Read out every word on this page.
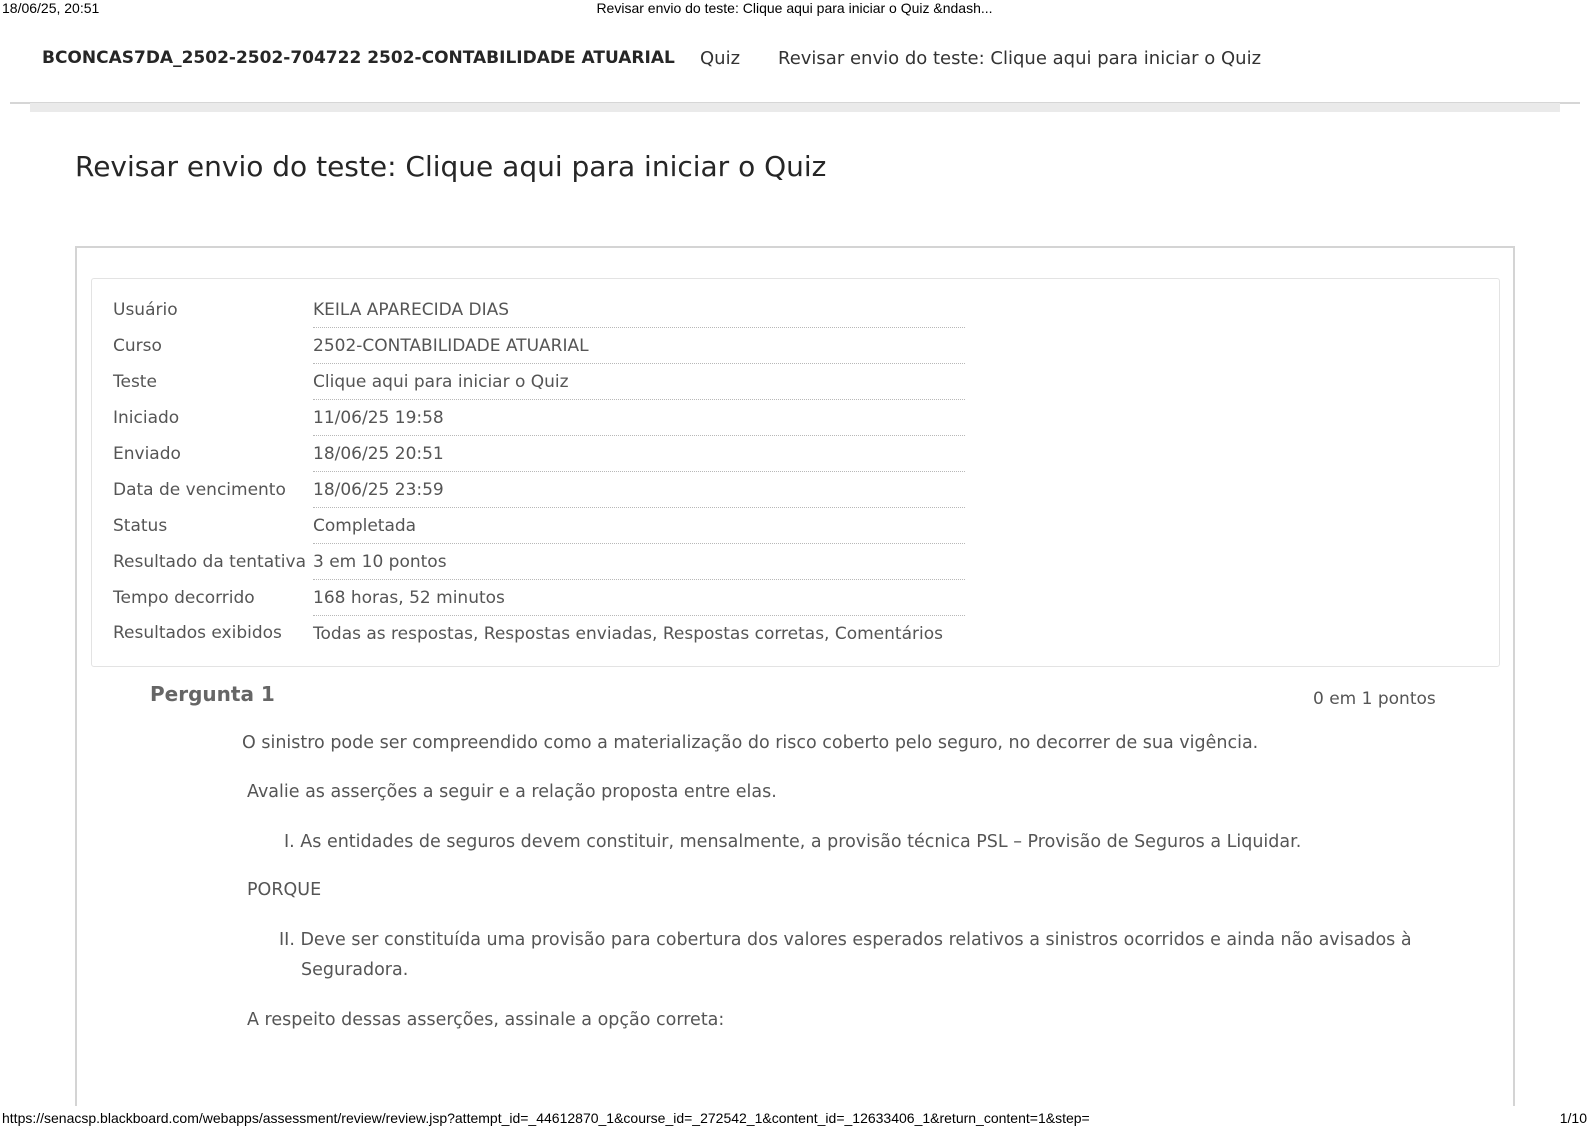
18/06/25, 20:51	Revisar envio do teste: Clique aqui para iniciar o Quiz &ndash...
BCONCAS7DA_2502-2502-704722 2502-CONTABILIDADE ATUARIAL Quiz Revisar envio do teste: Clique aqui para iniciar o Quiz
Revisar envio do teste: Clique aqui para iniciar o Quiz
Usuário	KEILA APARECIDA DIAS
Curso	2502-CONTABILIDADE ATUARIAL
Teste	Clique aqui para iniciar o Quiz
Iniciado	11/06/25 19:58
Enviado	18/06/25 20:51
Data de vencimento	18/06/25 23:59
Status	Completada
Resultado da tentativa	3 em 10 pontos
Tempo decorrido	168 horas, 52 minutos
Resultados exibidos	Todas as respostas, Respostas enviadas, Respostas corretas, Comentários
Pergunta 1	0 em 1 pontos
O sinistro pode ser compreendido como a materialização do risco coberto pelo seguro, no decorrer de sua vigência.
Avalie as asserções a seguir e a relação proposta entre elas.
I. As entidades de seguros devem constituir, mensalmente, a provisão técnica PSL – Provisão de Seguros a Liquidar.
PORQUE
II. Deve ser constituída uma provisão para cobertura dos valores esperados relativos a sinistros ocorridos e ainda não avisados à Seguradora.
A respeito dessas asserções, assinale a opção correta:
https://senacsp.blackboard.com/webapps/assessment/review/review.jsp?attempt_id=_44612870_1&course_id=_272542_1&content_id=_12633406_1&return_content=1&step=	1/10
